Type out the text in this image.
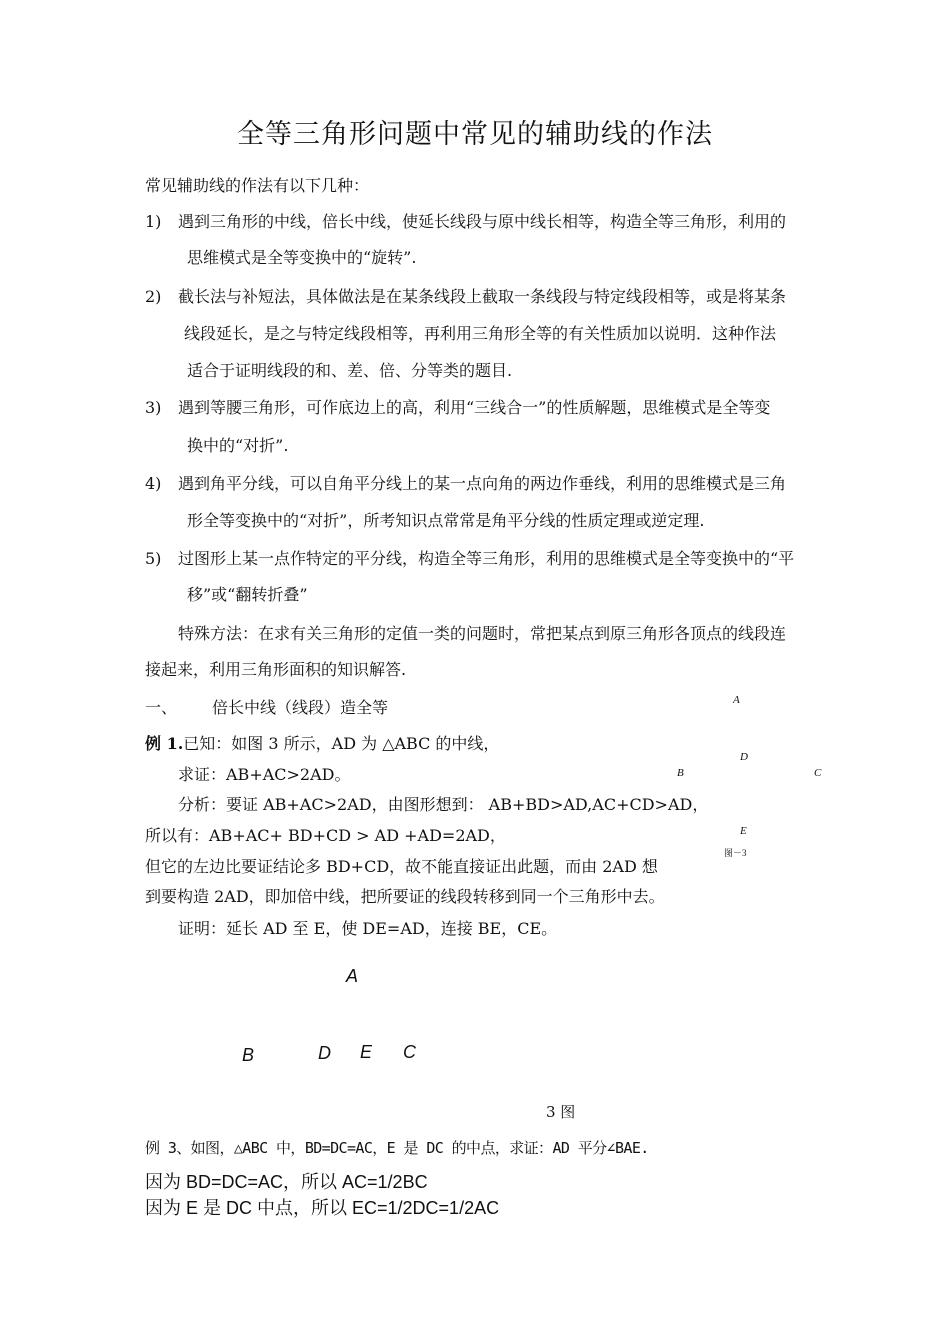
全等三角形问题中常见的辅助线的作法
常见辅助线的作法有以下几种：
1) 遇到三角形的中线，倍长中线，使延长线段与原中线长相等，构造全等三角形，利用的
思维模式是全等变换中的“旋转”.
2) 截长法与补短法，具体做法是在某条线段上截取一条线段与特定线段相等，或是将某条
线段延长，是之与特定线段相等，再利用三角形全等的有关性质加以说明．这种作法
适合于证明线段的和、差、倍、分等类的题目.
3) 遇到等腰三角形，可作底边上的高，利用“三线合一”的性质解题，思维模式是全等变
换中的“对折”.
4) 遇到角平分线，可以自角平分线上的某一点向角的两边作垂线，利用的思维模式是三角
形全等变换中的“对折”，所考知识点常常是角平分线的性质定理或逆定理.
5) 过图形上某一点作特定的平分线，构造全等三角形，利用的思维模式是全等变换中的“平
移”或“翻转折叠”
特殊方法：在求有关三角形的定值一类的问题时，常把某点到原三角形各顶点的线段连
接起来，利用三角形面积的知识解答.
一、 倍长中线（线段）造全等
例 1.已知：如图 3 所示，AD 为 △ABC 的中线，
求证：AB+AC>2AD。
分析：要证 AB+AC>2AD，由图形想到： AB+BD>AD,AC+CD>AD，
所以有：AB+AC+ BD+CD > AD +AD=2AD，
但它的左边比要证结论多 BD+CD，故不能直接证出此题，而由 2AD 想
到要构造 2AD，即加倍中线，把所要证的线段转移到同一个三角形中去。
证明：延长 AD 至 E，使 DE=AD，连接 BE，CE。
A
D
B	C
E
图－3
A
B	D E C
3 图
例 3、如图，△ABC 中，BD=DC=AC，E 是 DC 的中点，求证：AD 平分∠BAE.
因为 BD=DC=AC，所以 AC=1/2BC
因为 E 是 DC 中点，所以 EC=1/2DC=1/2AC
